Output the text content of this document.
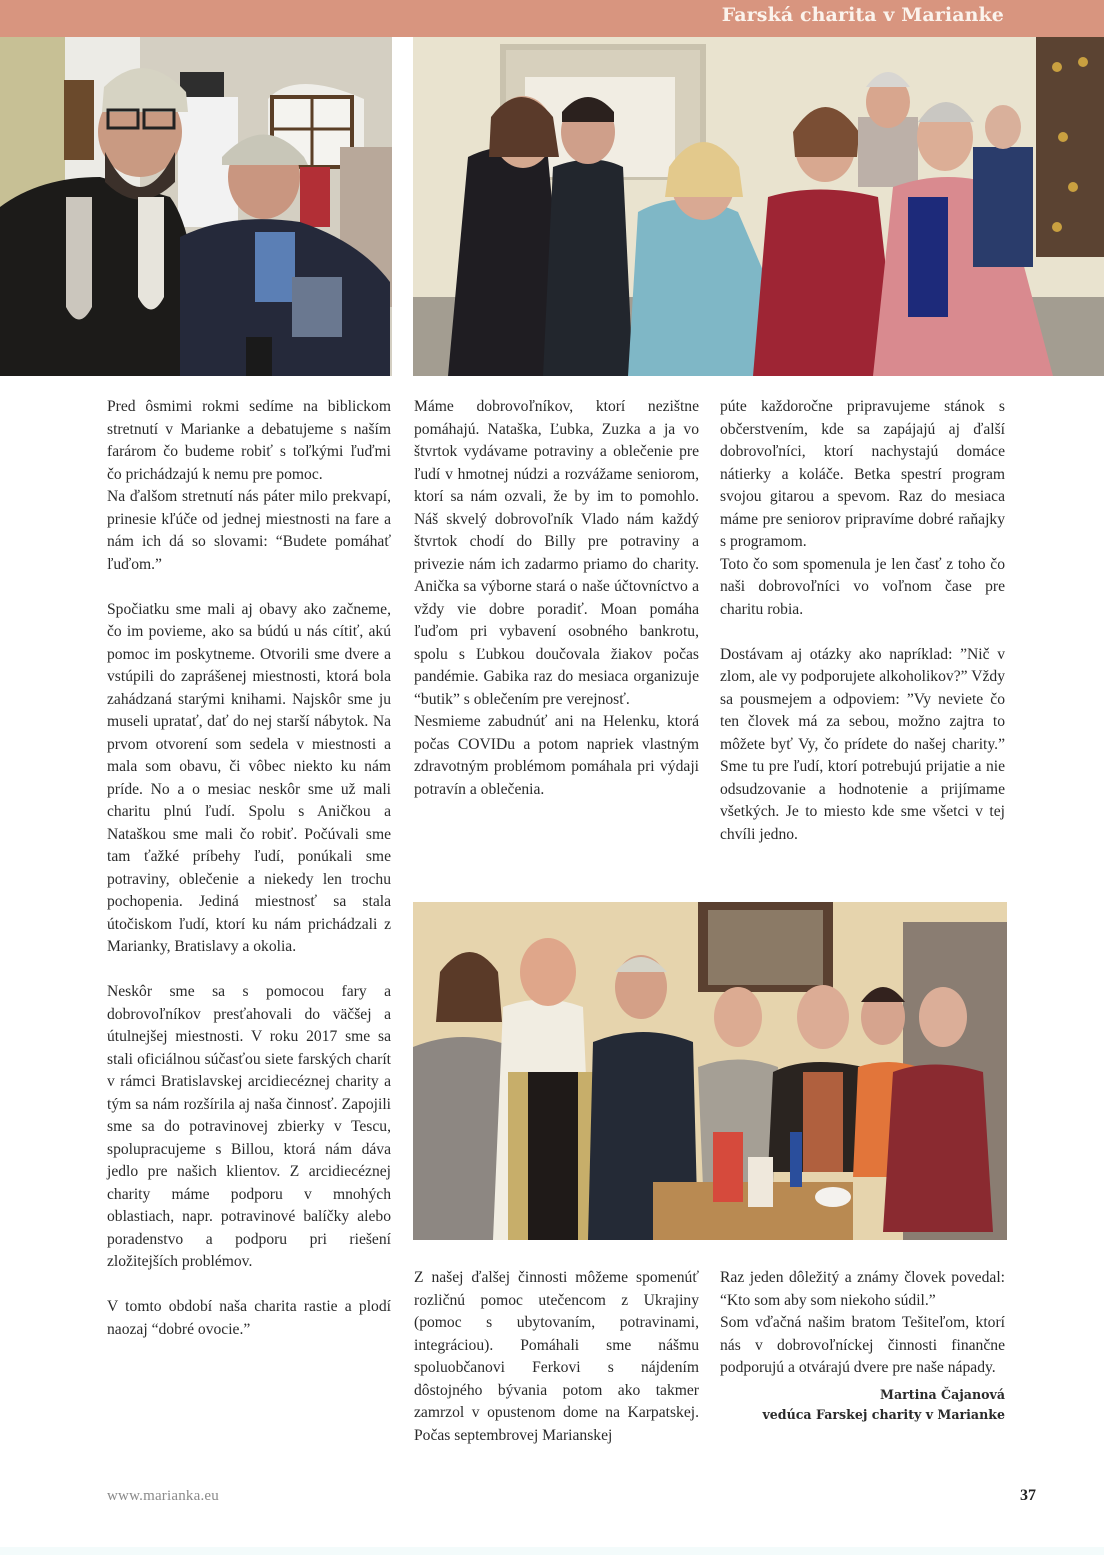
Farská charita v Marianke

Pred ôsmimi rokmi sedíme na biblickom stretnutí v Marianke a debatujeme s naším farárom čo budeme robiť s toľkými ľuďmi čo prichádzajú k nemu pre pomoc.

Na ďalšom stretnutí nás páter milo prekvapí, prinesie kľúče od jednej miestnosti na fare a nám ich dá so slovami: “Budete pomáhať ľuďom.”

Spočiatku sme mali aj obavy ako začneme, čo im povieme, ako sa búdú u nás cítiť, akú pomoc im poskytneme. Otvorili sme dvere a vstúpili do zaprášenej miestnosti, ktorá bola zahádzaná starými knihami. Najskôr sme ju museli upratať, dať do nej starší nábytok. Na prvom otvorení som sedela v miestnosti a mala som obavu, či vôbec niekto ku nám príde. No a o mesiac neskôr sme už mali charitu plnú ľudí. Spolu s Aničkou a Nataškou sme mali čo robiť. Počúvali sme tam ťažké príbehy ľudí, ponúkali sme potraviny, oblečenie a niekedy len trochu pochopenia. Jediná miestnosť sa stala útočiskom ľudí, ktorí ku nám prichádzali z Marianky, Bratislavy a okolia.

Neskôr sme sa s pomocou fary a dobrovoľníkov presťahovali do väčšej a útulnejšej miestnosti. V roku 2017 sme sa stali oficiálnou súčasťou siete farských charít v rámci Bratislavskej arcidiecéznej charity a tým sa nám rozšírila aj naša činnosť. Zapojili sme sa do potravinovej zbierky v Tescu, spolupracujeme s Billou, ktorá nám dáva jedlo pre našich klientov. Z arcidiecéznej charity máme podporu v mnohých oblastiach, napr. potravinové balíčky alebo poradenstvo a podporu pri riešení zložitejších problémov.

V tomto období naša charita rastie a plodí naozaj “dobré ovocie.”

Máme dobrovoľníkov, ktorí nezištne pomáhajú. Nataška, Ľubka, Zuzka a ja vo štvrtok vydávame potraviny a oblečenie pre ľudí v hmotnej núdzi a rozvážame seniorom, ktorí sa nám ozvali, že by im to pomohlo. Náš skvelý dobrovoľník Vlado nám každý štvrtok chodí do Billy pre potraviny a privezie nám ich zadarmo priamo do charity. Anička sa výborne stará o naše účtovníctvo a vždy vie dobre poradiť. Moan pomáha ľuďom pri vybavení osobného bankrotu, spolu s Ľubkou doučovala žiakov počas pandémie. Gabika raz do mesiaca organizuje “butik” s oblečením pre verejnosť.

Nesmieme zabudnúť ani na Helenku, ktorá počas COVIDu a potom napriek vlastným zdravotným problémom pomáhala pri výdaji potravín a oblečenia.

púte každoročne pripravujeme stánok s občerstvením, kde sa zapájajú aj ďalší dobrovoľníci, ktorí nachystajú domáce nátierky a koláče. Betka spestrí program svojou gitarou a spevom. Raz do mesiaca máme pre seniorov pripravíme dobré raňajky s programom.

Toto čo som spomenula je len časť z toho čo naši dobrovoľníci vo voľnom čase pre charitu robia.

Dostávam aj otázky ako napríklad: ”Nič v zlom, ale vy podporujete alkoholikov?” Vždy sa pousmejem a odpoviem: ”Vy neviete čo ten človek má za sebou, možno zajtra to môžete byť Vy, čo prídete do našej charity.” Sme tu pre ľudí, ktorí potrebujú prijatie a nie odsudzovanie a hodnotenie a prijímame všetkých. Je to miesto kde sme všetci v tej chvíli jedno.

Z našej ďalšej činnosti môžeme spomenúť rozličnú pomoc utečencom z Ukrajiny (pomoc s ubytovaním, potravinami, integráciou). Pomáhali sme nášmu spoluobčanovi Ferkovi s nájdením dôstojného bývania potom ako takmer zamrzol v opustenom dome na Karpatskej. Počas septembrovej Marianskej

Raz jeden dôležitý a známy človek povedal: “Kto som aby som niekoho súdil.”

Som vďačná našim bratom Tešiteľom, ktorí nás v dobrovoľníckej činnosti finančne podporujú a otvárajú dvere pre naše nápady.

Martina Čajanová
vedúca Farskej charity v Marianke
www.marianka.eu	37
